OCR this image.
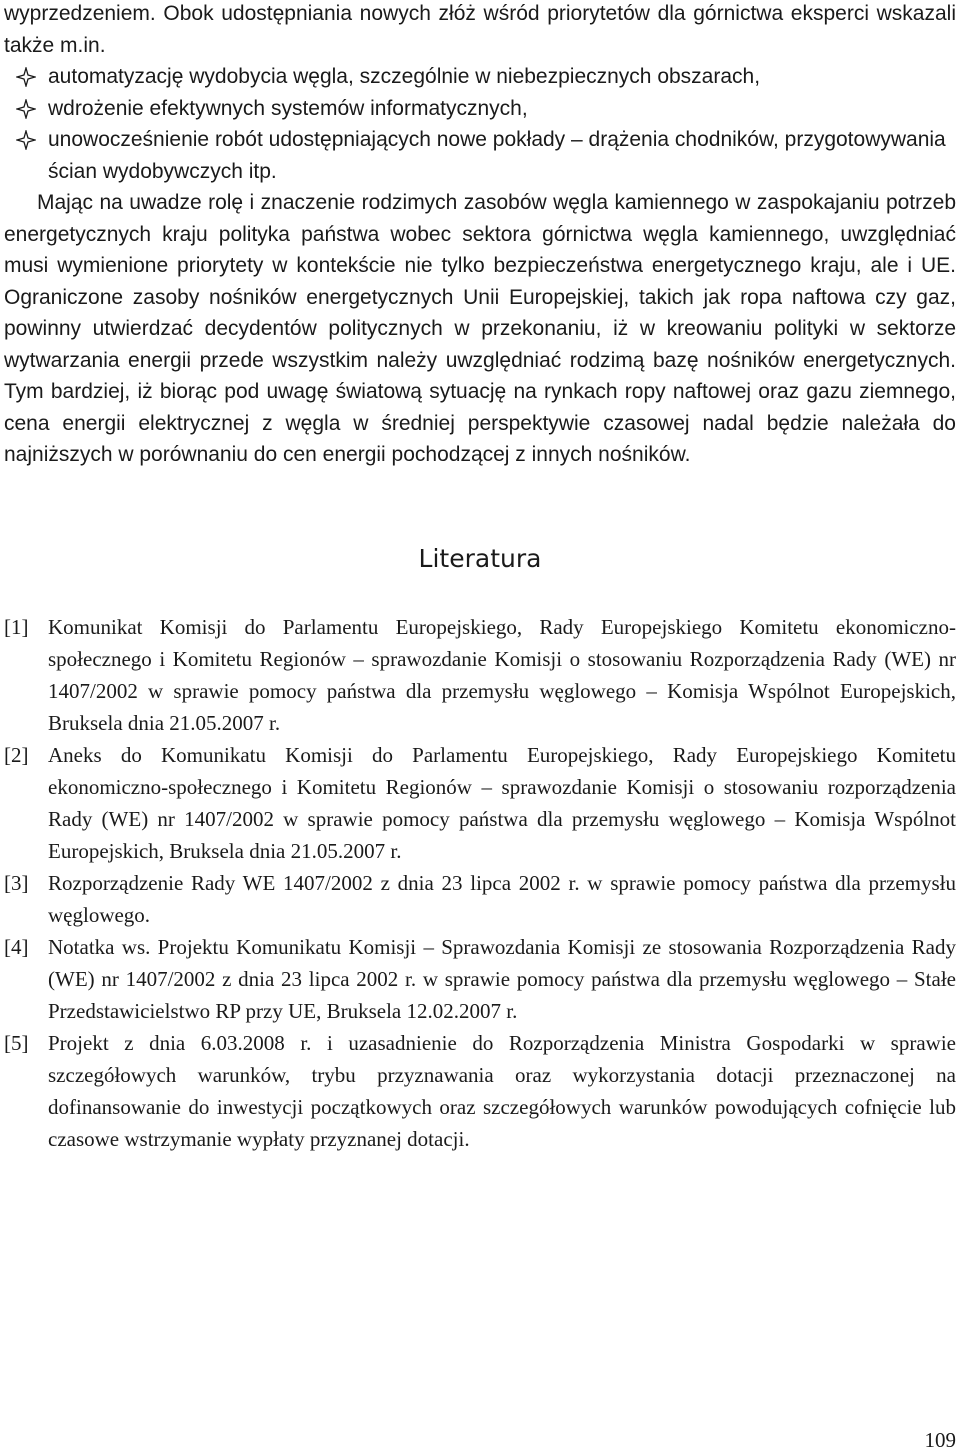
wyprzedzeniem. Obok udostępniania nowych złóż wśród priorytetów dla górnictwa eksperci wskazali także m.in.

automatyzację wydobycia węgla, szczególnie w niebezpiecznych obszarach,
wdrożenie efektywnych systemów informatycznych,
unowocześnienie robót udostępniających nowe pokłady – drążenia chodników, przygotowywania ścian wydobywczych itp.

Mając na uwadze rolę i znaczenie rodzimych zasobów węgla kamiennego w zaspokajaniu potrzeb energetycznych kraju polityka państwa wobec sektora górnictwa węgla kamiennego, uwzględniać musi wymienione priorytety w kontekście nie tylko bezpieczeństwa energetycznego kraju, ale i UE. Ograniczone zasoby nośników energetycznych Unii Europejskiej, takich jak ropa naftowa czy gaz, powinny utwierdzać decydentów politycznych w przekonaniu, iż w kreowaniu polityki w sektorze wytwarzania energii przede wszystkim należy uwzględniać rodzimą bazę nośników energetycznych. Tym bardziej, iż biorąc pod uwagę światową sytuację na rynkach ropy naftowej oraz gazu ziemnego, cena energii elektrycznej z węgla w średniej perspektywie czasowej nadal będzie należała do najniższych w porównaniu do cen energii pochodzącej z innych nośników.

Literatura
[1] Komunikat Komisji do Parlamentu Europejskiego, Rady Europejskiego Komitetu ekonomiczno-społecznego i Komitetu Regionów – sprawozdanie Komisji o stosowaniu Rozporządzenia Rady (WE) nr 1407/2002 w sprawie pomocy państwa dla przemysłu węglowego – Komisja Wspólnot Europejskich, Bruksela dnia 21.05.2007 r.
[2] Aneks do Komunikatu Komisji do Parlamentu Europejskiego, Rady Europejskiego Komitetu ekonomiczno-społecznego i Komitetu Regionów – sprawozdanie Komisji o stosowaniu rozporządzenia Rady (WE) nr 1407/2002 w sprawie pomocy państwa dla przemysłu węglowego – Komisja Wspólnot Europejskich, Bruksela dnia 21.05.2007 r.
[3] Rozporządzenie Rady WE 1407/2002 z dnia 23 lipca 2002 r. w sprawie pomocy państwa dla przemysłu węglowego.
[4] Notatka ws. Projektu Komunikatu Komisji – Sprawozdania Komisji ze stosowania Rozporządzenia Rady (WE) nr 1407/2002 z dnia 23 lipca 2002 r. w sprawie pomocy państwa dla przemysłu węglowego – Stałe Przedstawicielstwo RP przy UE, Bruksela 12.02.2007 r.
[5] Projekt z dnia 6.03.2008 r. i uzasadnienie do Rozporządzenia Ministra Gospodarki w sprawie szczegółowych warunków, trybu przyznawania oraz wykorzystania dotacji przeznaczonej na dofinansowanie do inwestycji początkowych oraz szczegółowych warunków powodujących cofnięcie lub czasowe wstrzymanie wypłaty przyznanej dotacji.
109
